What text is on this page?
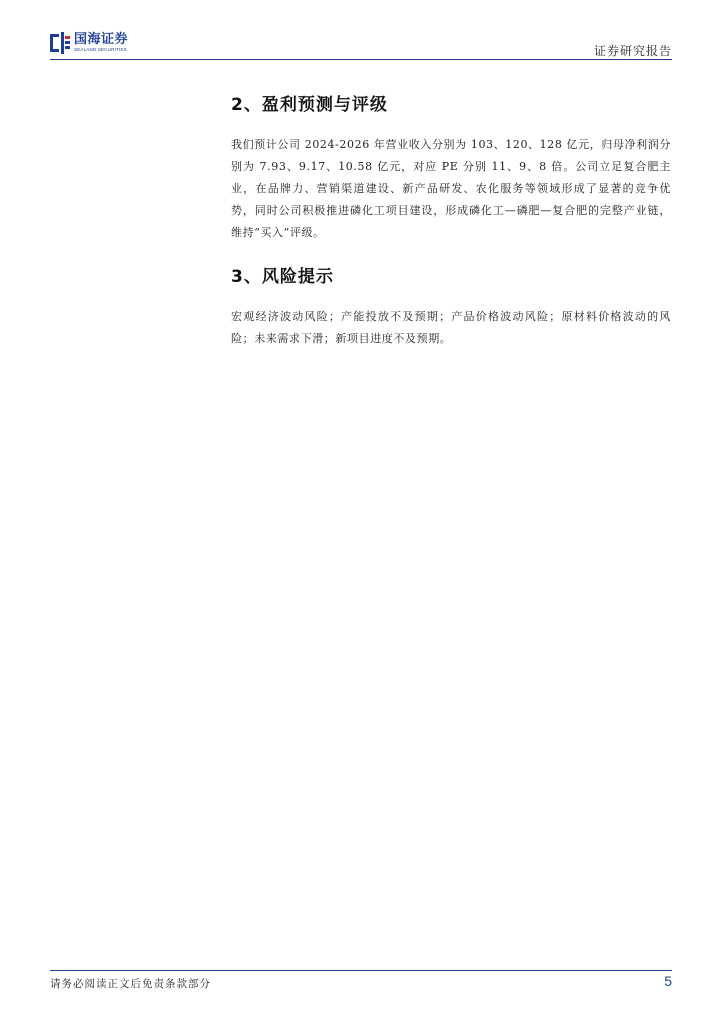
国海证券
SEALAND SECURITIES	证券研究报告
2、盈利预测与评级

我们预计公司 2024-2026 年营业收入分别为 103、120、128 亿元，归母净利润分别为 7.93、9.17、10.58 亿元，对应 PE 分别 11、9、8 倍。公司立足复合肥主业，在品牌力、营销渠道建设、新产品研发、农化服务等领域形成了显著的竞争优势，同时公司积极推进磷化工项目建设，形成磷化工—磷肥—复合肥的完整产业链，维持“买入”评级。

3、风险提示

宏观经济波动风险；产能投放不及预期；产品价格波动风险；原材料价格波动的风险；未来需求下滑；新项目进度不及预期。

请务必阅读正文后免责条款部分	5
